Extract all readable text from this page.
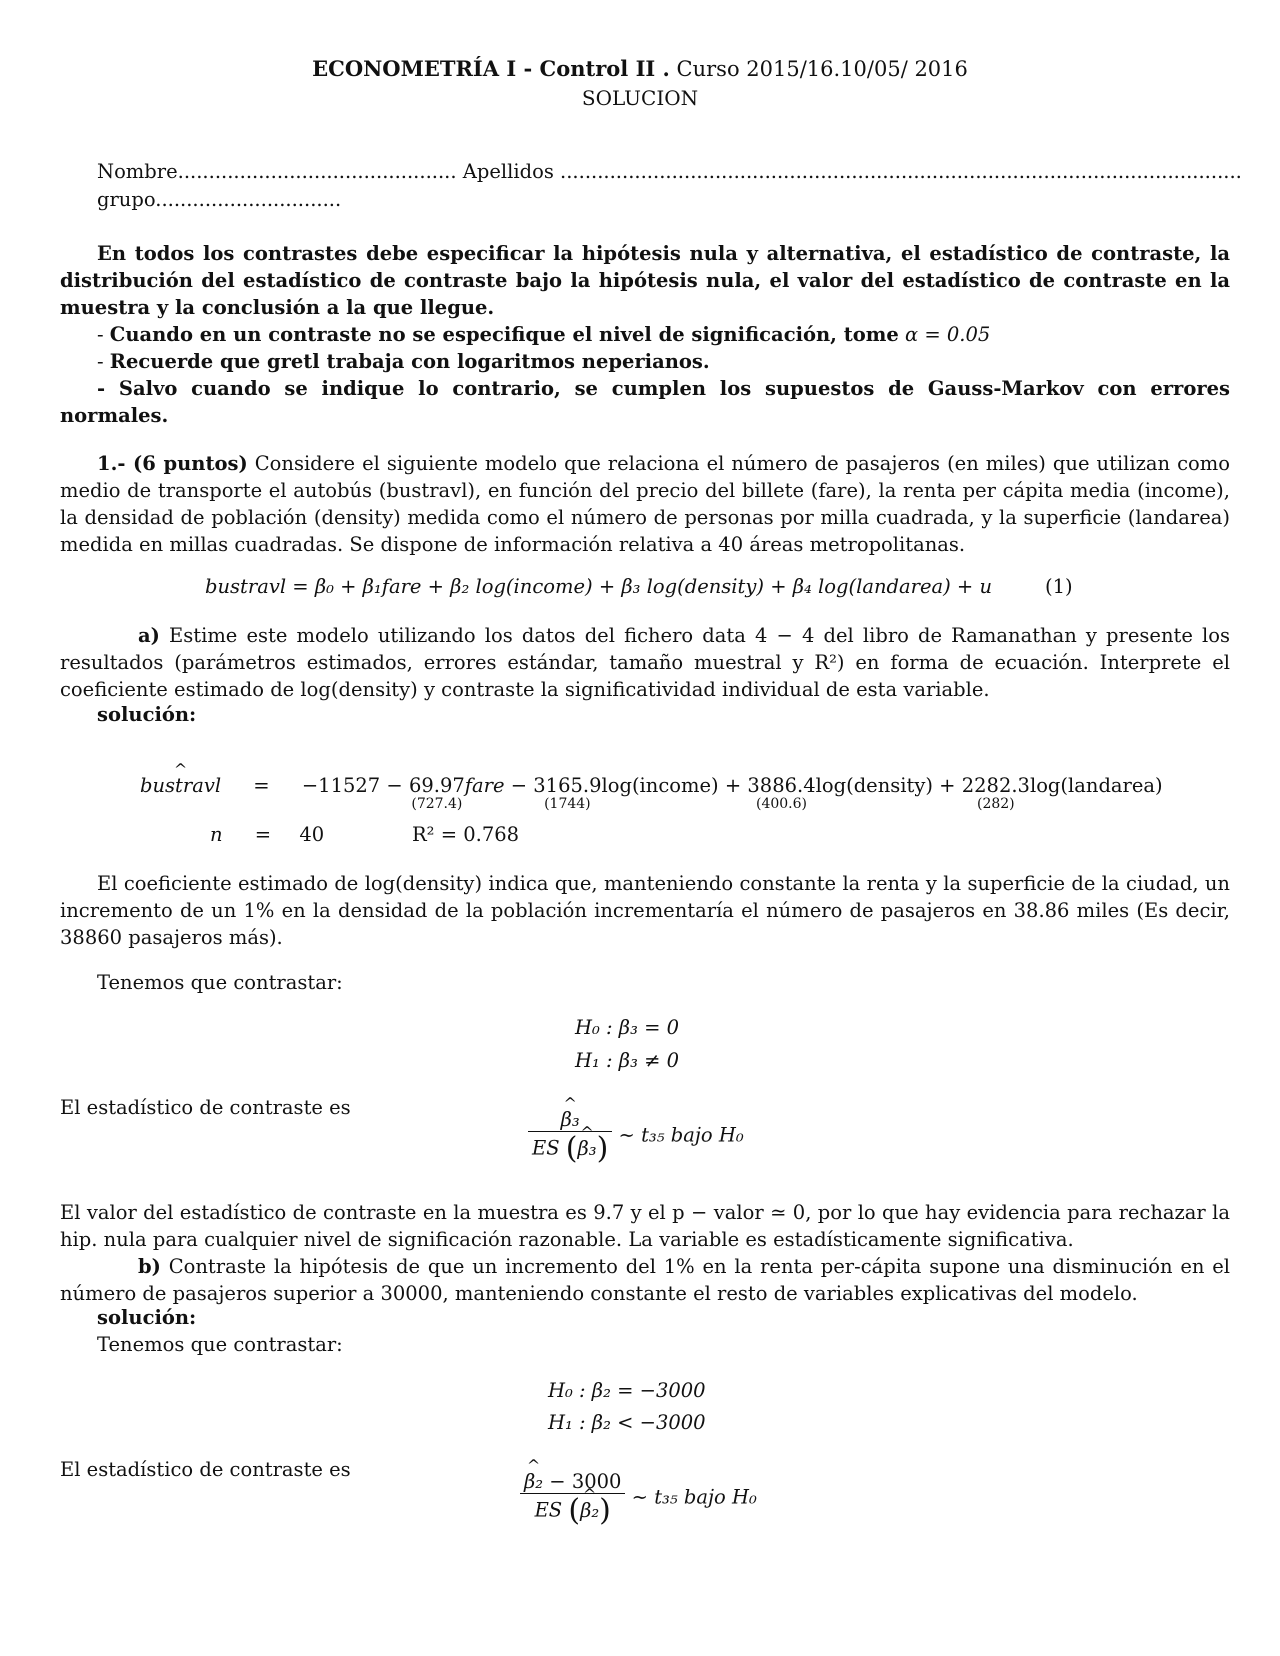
ECONOMETRÍA I - Control II . Curso 2015/16.10/05/ 2016
SOLUCION
Nombre............................................. Apellidos ..............................................................................................................
grupo..............................
En todos los contrastes debe especificar la hipótesis nula y alternativa, el estadístico de contraste, la distribución del estadístico de contraste bajo la hipótesis nula, el valor del estadístico de contraste en la muestra y la conclusión a la que llegue.
- Cuando en un contraste no se especifique el nivel de significación, tome α = 0.05
- Recuerde que gretl trabaja con logaritmos neperianos.
- Salvo cuando se indique lo contrario, se cumplen los supuestos de Gauss-Markov con errores normales.
1.- (6 puntos) Considere el siguiente modelo que relaciona el número de pasajeros (en miles) que utilizan como medio de transporte el autobús (bustravl), en función del precio del billete (fare), la renta per cápita media (income), la densidad de población (density) medida como el número de personas por milla cuadrada, y la superficie (landarea) medida en millas cuadradas. Se dispone de información relativa a 40 áreas metropolitanas.
bustravl = β₀ + β₁fare + β₂ log(income) + β₃ log(density) + β₄ log(landarea) + u	(1)
a) Estime este modelo utilizando los datos del fichero data 4 − 4 del libro de Ramanathan y presente los resultados (parámetros estimados, errores estándar, tamaño muestral y R²) en forma de ecuación. Interprete el coeficiente estimado de log(density) y contraste la significatividad individual de esta variable.
solución:
^ bustravl = −11527 − 69.97
(727.4)
fare − 3165.9
(1744)
log(income) + 3886.4
(400.6)
log(density) + 2282.3
(282)
log(landarea)
n = 40	R² = 0.768
El coeficiente estimado de log(density) indica que, manteniendo constante la renta y la superficie de la ciudad, un incremento de un 1% en la densidad de la población incrementaría el número de pasajeros en 38.86 miles (Es decir, 38860 pasajeros más).
Tenemos que contrastar:
H₀ : β₃ = 0
H₁ : β₃ ≠ 0
El estadístico de contraste es
^ $\frac{\text{β₃}}{\text{ES (\textasciicircum{} β₃)}}$ ∼ t₃₅ bajo H₀
El valor del estadístico de contraste en la muestra es 9.7 y el p − valor ≃ 0, por lo que hay evidencia para rechazar la hip. nula para cualquier nivel de significación razonable. La variable es estadísticamente significativa.
b) Contraste la hipótesis de que un incremento del 1% en la renta per-cápita supone una disminución en el número de pasajeros superior a 30000, manteniendo constante el resto de variables explicativas del modelo.
solución:
Tenemos que contrastar:
H₀ : β₂ = −3000
H₁ : β₂ < −3000
El estadístico de contraste es
^ $\frac{\text{β₂ − 3000}}{\text{ES (\textasciicircum{} β₂)}}$ ∼ t₃₅ bajo H₀
